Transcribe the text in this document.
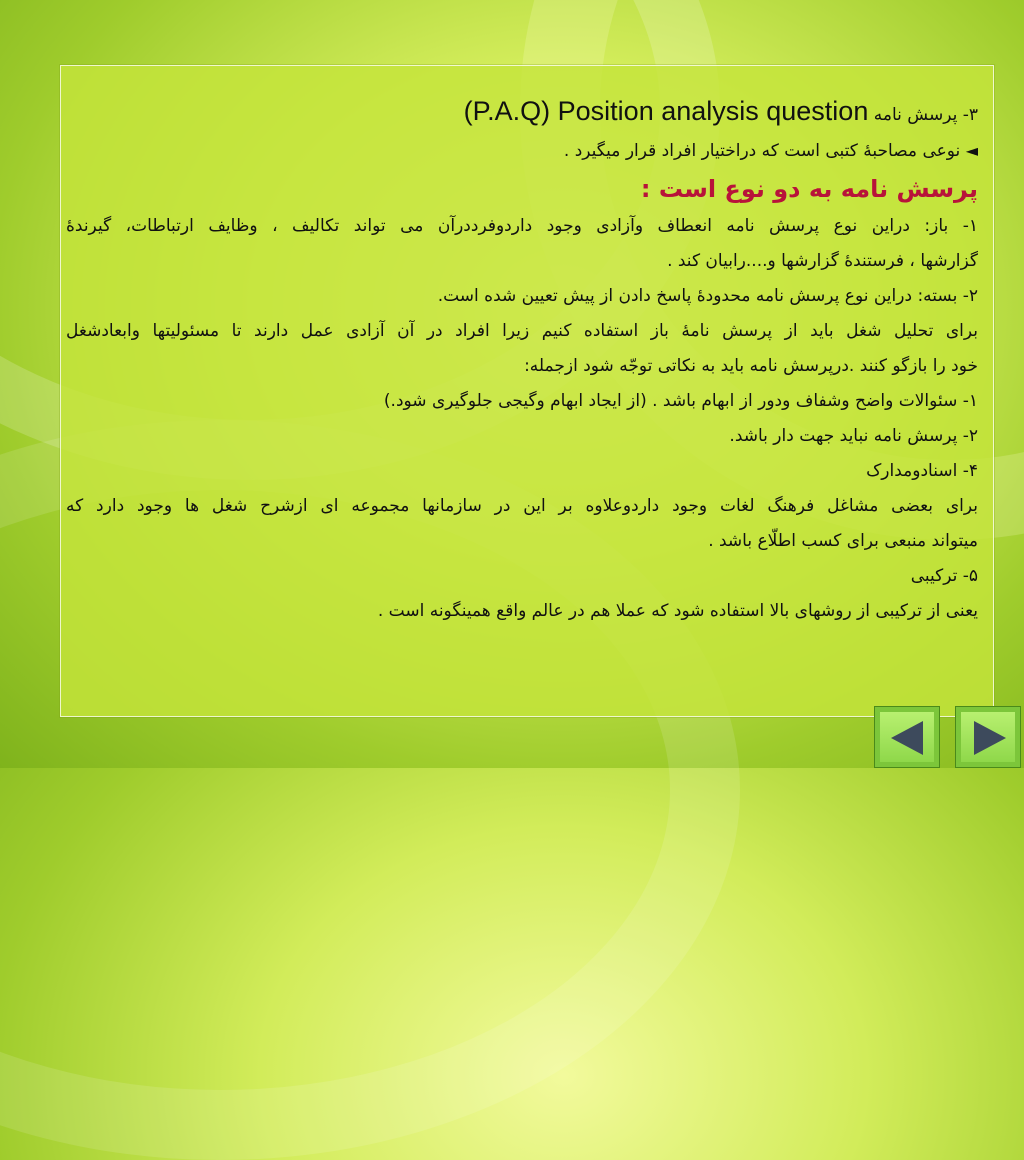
۳- پرسش نامه (P.A.Q) Position analysis question
◄ نوعی مصاحبۀ کتبی است که دراختیار افراد قرار میگیرد .
پرسش نامه به دو نوع است :
۱- باز: دراین نوع پرسش نامه انعطاف وآزادی وجود داردوفرددرآن می تواند تکالیف ، وظایف ارتباطات، گیرندۀ
گزارشها ، فرستندۀ گزارشها و....رابیان کند .
۲- بسته: دراین نوع پرسش نامه محدودۀ پاسخ دادن از پیش تعیین شده است.
برای تحلیل شغل باید از پرسش نامۀ باز استفاده کنیم زیرا افراد در آن آزادی عمل دارند تا مسئولیتها وابعادشغل
خود را بازگو کنند .درپرسش نامه باید به نکاتی توجّه شود ازجمله:
۱- سئوالات واضح وشفاف ودور از ابهام باشد . (از ایجاد ابهام وگیجی جلوگیری شود.)
۲- پرسش نامه نباید جهت دار باشد.
۴- اسنادومدارک
برای بعضی مشاغل فرهنگ لغات وجود داردوعلاوه بر این در سازمانها مجموعه ای ازشرح شغل ها وجود دارد که
میتواند منبعی برای کسب اطلّاع باشد .
۵- ترکیبی
یعنی از ترکیبی از روشهای بالا استفاده شود که عملا هم در عالم واقع همینگونه است .
